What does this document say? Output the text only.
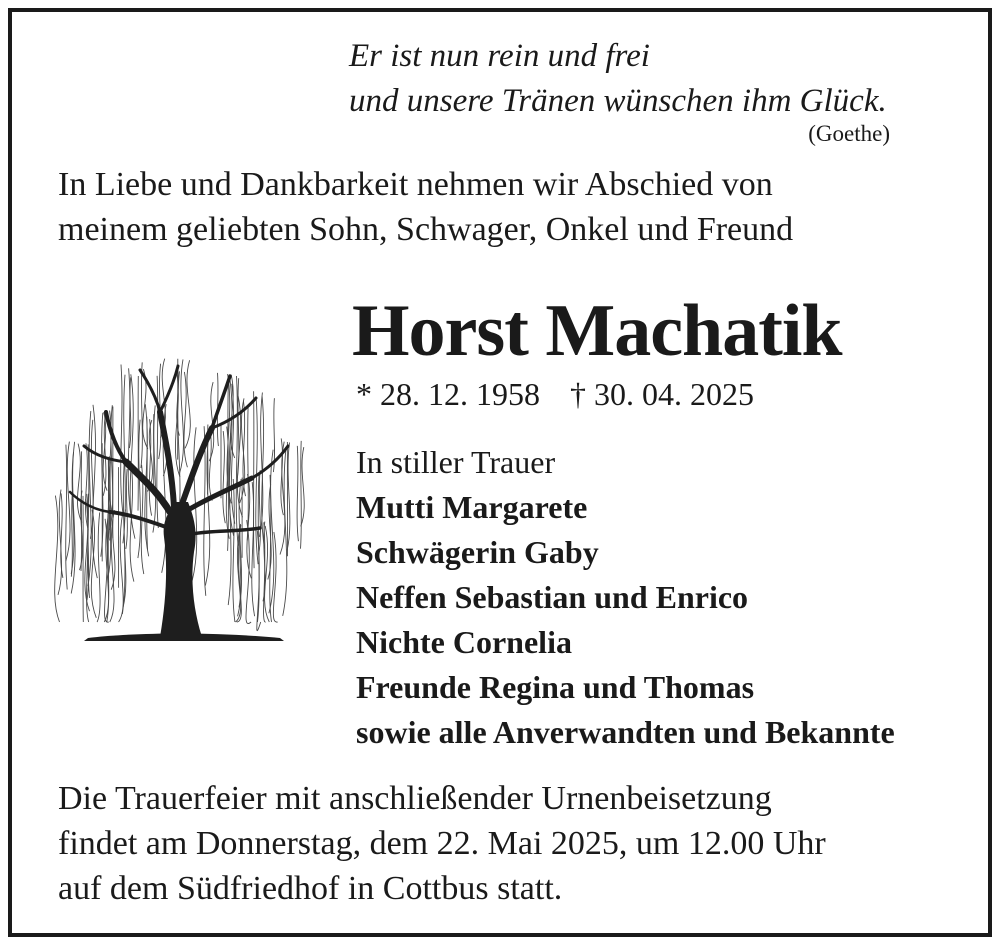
Er ist nun rein und frei
und unsere Tränen wünschen ihm Glück.
(Goethe)
In Liebe und Dankbarkeit nehmen wir Abschied von
meinem geliebten Sohn, Schwager, Onkel und Freund
Horst Machatik
* 28. 12. 1958 † 30. 04. 2025
In stiller Trauer
Mutti Margarete
Schwägerin Gaby
Neffen Sebastian und Enrico
Nichte Cornelia
Freunde Regina und Thomas
sowie alle Anverwandten und Bekannte
Die Trauerfeier mit anschließender Urnenbeisetzung
findet am Donnerstag, dem 22. Mai 2025, um 12.00 Uhr
auf dem Südfriedhof in Cottbus statt.
